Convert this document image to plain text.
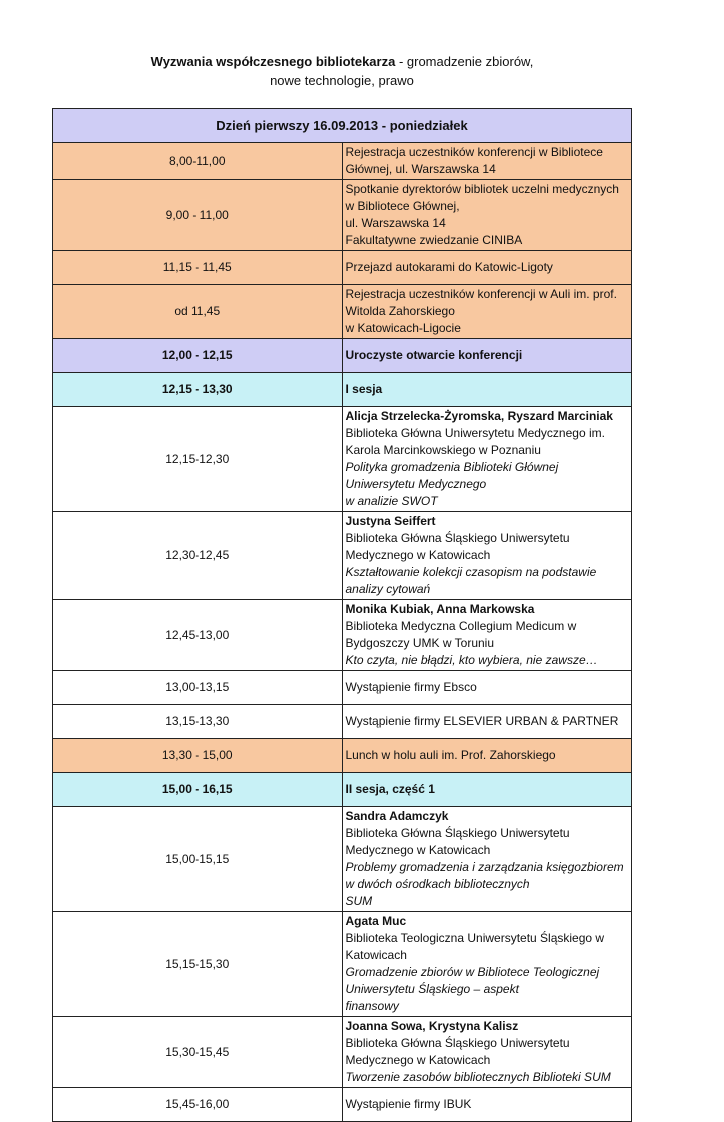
Wyzwania współczesnego bibliotekarza - gromadzenie zbiorów,
nowe technologie, prawo
Dzień pierwszy 16.09.2013 - poniedziałek	
8,00-11,00	Rejestracja uczestników konferencji w Bibliotece Głównej, ul. Warszawska 14

9,00 - 11,00	Spotkanie dyrektorów bibliotek uczelni medycznych w Bibliotece Głównej,
ul. Warszawska 14
Fakultatywne zwiedzanie CINIBA

11,15 - 11,45	Przejazd autokarami do Katowic-Ligoty

od 11,45	Rejestracja uczestników konferencji w Auli im. prof. Witolda Zahorskiego
w Katowicach-Ligocie

12,00 - 12,15	Uroczyste otwarcie konferencji
12,15 - 13,30	I sesja
12,15-12,30	Alicja Strzelecka-Żyromska, Ryszard Marciniak
Biblioteka Główna Uniwersytetu Medycznego im. Karola Marcinkowskiego w Poznaniu
Polityka gromadzenia Biblioteki Głównej Uniwersytetu Medycznego
w analizie SWOT

12,30-12,45	Justyna Seiffert
Biblioteka Główna Śląskiego Uniwersytetu Medycznego w Katowicach
Kształtowanie kolekcji czasopism na podstawie analizy cytowań

12,45-13,00	Monika Kubiak, Anna Markowska
Biblioteka Medyczna Collegium Medicum w Bydgoszczy UMK w Toruniu
Kto czyta, nie błądzi, kto wybiera, nie zawsze…

13,00-13,15	Wystąpienie firmy Ebsco
13,15-13,30	Wystąpienie firmy ELSEVIER URBAN & PARTNER
13,30 - 15,00	Lunch w holu auli im. Prof. Zahorskiego
15,00 - 16,15	II sesja, część 1
15,00-15,15	Sandra Adamczyk
Biblioteka Główna Śląskiego Uniwersytetu Medycznego w Katowicach
Problemy gromadzenia i zarządzania księgozbiorem w dwóch ośrodkach bibliotecznych
SUM

15,15-15,30	Agata Muc
Biblioteka Teologiczna Uniwersytetu Śląskiego w Katowicach
Gromadzenie zbiorów w Bibliotece Teologicznej Uniwersytetu Śląskiego – aspekt
finansowy

15,30-15,45	Joanna Sowa, Krystyna Kalisz
Biblioteka Główna Śląskiego Uniwersytetu Medycznego w Katowicach
Tworzenie zasobów bibliotecznych Biblioteki SUM

15,45-16,00	Wystąpienie firmy IBUK
